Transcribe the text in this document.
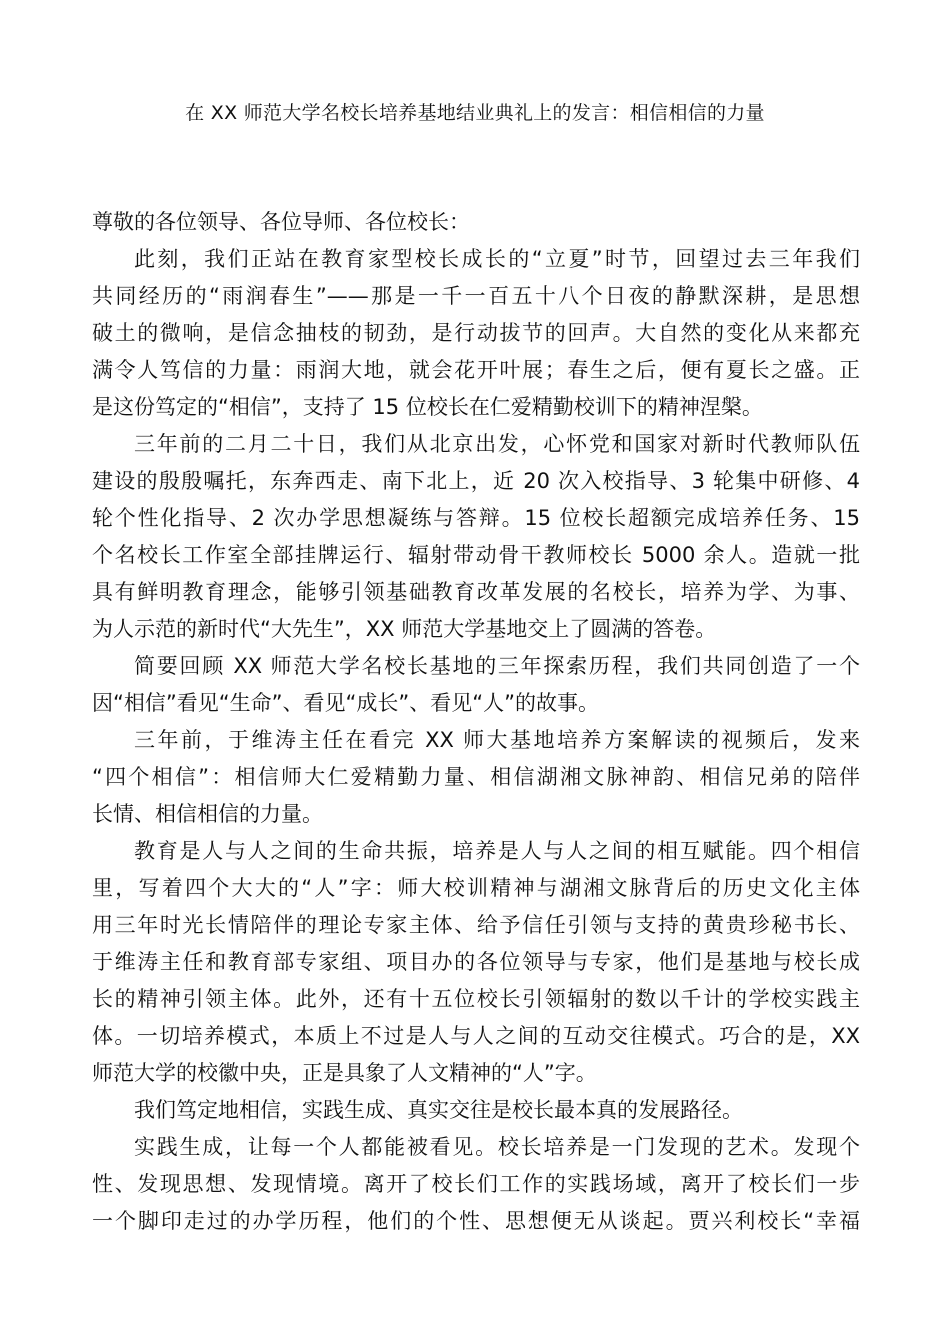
在 XX 师范大学名校长培养基地结业典礼上的发言：相信相信的力量
尊敬的各位领导、各位导师、各位校长：
此刻，我们正站在教育家型校长成长的“立夏”时节，回望过去三年我们
共同经历的“雨润春生”——那是一千一百五十八个日夜的静默深耕，是思想
破土的微响，是信念抽枝的韧劲，是行动拔节的回声。大自然的变化从来都充
满令人笃信的力量：雨润大地，就会花开叶展；春生之后，便有夏长之盛。正
是这份笃定的“相信”，支持了 15 位校长在仁爱精勤校训下的精神涅槃。
三年前的二月二十日，我们从北京出发，心怀党和国家对新时代教师队伍
建设的殷殷嘱托，东奔西走、南下北上，近 20 次入校指导、3 轮集中研修、4
轮个性化指导、2 次办学思想凝练与答辩。15 位校长超额完成培养任务、15
个名校长工作室全部挂牌运行、辐射带动骨干教师校长 5000 余人。造就一批
具有鲜明教育理念，能够引领基础教育改革发展的名校长，培养为学、为事、
为人示范的新时代“大先生”，XX 师范大学基地交上了圆满的答卷。
简要回顾 XX 师范大学名校长基地的三年探索历程，我们共同创造了一个
因“相信”看见“生命”、看见“成长”、看见“人”的故事。
三年前，于维涛主任在看完 XX 师大基地培养方案解读的视频后，发来
“四个相信”：相信师大仁爱精勤力量、相信湖湘文脉神韵、相信兄弟的陪伴
长情、相信相信的力量。
教育是人与人之间的生命共振，培养是人与人之间的相互赋能。四个相信
里，写着四个大大的“人”字：师大校训精神与湖湘文脉背后的历史文化主体
用三年时光长情陪伴的理论专家主体、给予信任引领与支持的黄贵珍秘书长、
于维涛主任和教育部专家组、项目办的各位领导与专家，他们是基地与校长成
长的精神引领主体。此外，还有十五位校长引领辐射的数以千计的学校实践主
体。一切培养模式，本质上不过是人与人之间的互动交往模式。巧合的是，XX
师范大学的校徽中央，正是具象了人文精神的“人”字。
我们笃定地相信，实践生成、真实交往是校长最本真的发展路径。
实践生成，让每一个人都能被看见。校长培养是一门发现的艺术。发现个
性、发现思想、发现情境。离开了校长们工作的实践场域，离开了校长们一步
一个脚印走过的办学历程，他们的个性、思想便无从谈起。贾兴利校长“幸福
